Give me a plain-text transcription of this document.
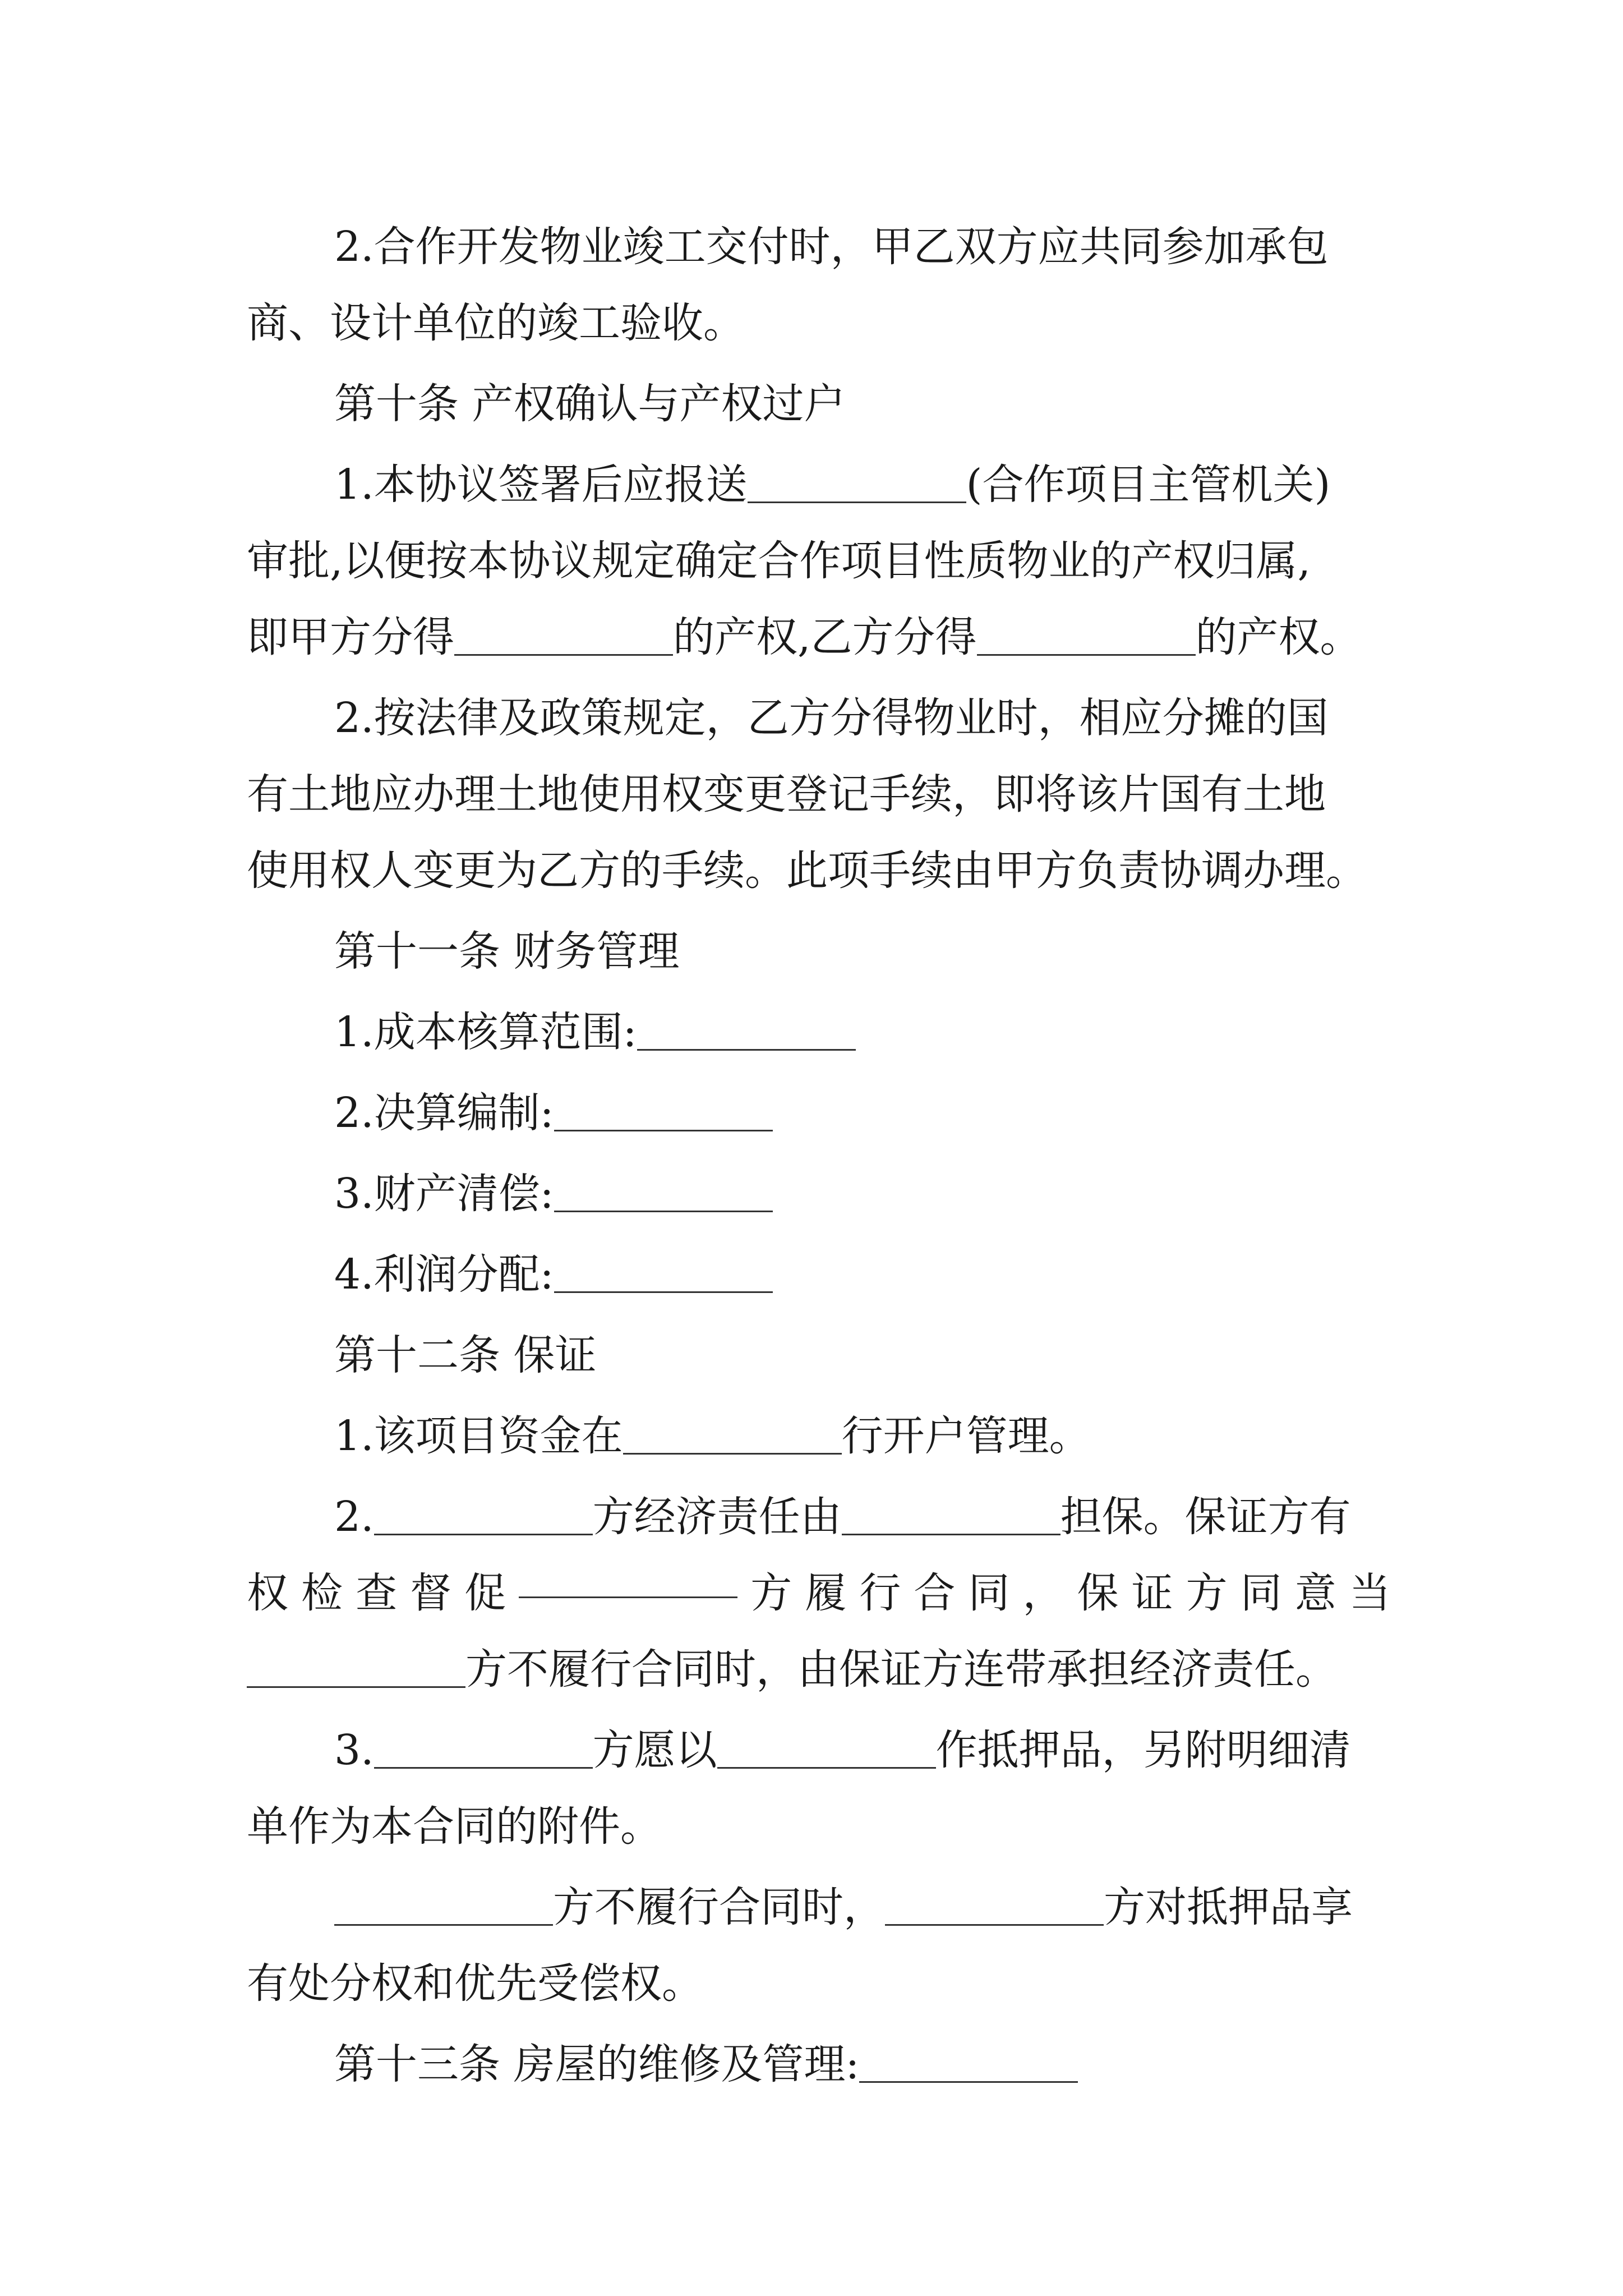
2.合作开发物业竣工交付时，甲乙双方应共同参加承包
商、设计单位的竣工验收。
第十条 产权确认与产权过户
1.本协议签署后应报送	(合作项目主管机关)
审批,以便按本协议规定确定合作项目性质物业的产权归属,
即甲方分得	的产权,乙方分得	的产权。
2.按法律及政策规定，乙方分得物业时，相应分摊的国
有土地应办理土地使用权变更登记手续，即将该片国有土地
使用权人变更为乙方的手续。此项手续由甲方负责协调办理。
第十一条 财务管理
1.成本核算范围:
2.决算编制:
3.财产清偿:
4.利润分配:
第十二条 保证
1.该项目资金在	行开户管理。
2.	方经济责任由	担保。保证方有
权 检 查 督 促	方 履 行 合 同 ， 保 证 方 同 意 当
方不履行合同时，由保证方连带承担经济责任。
3.	方愿以	作抵押品，另附明细清
单作为本合同的附件。
方不履行合同时，	方对抵押品享
有处分权和优先受偿权。
第十三条 房屋的维修及管理:
